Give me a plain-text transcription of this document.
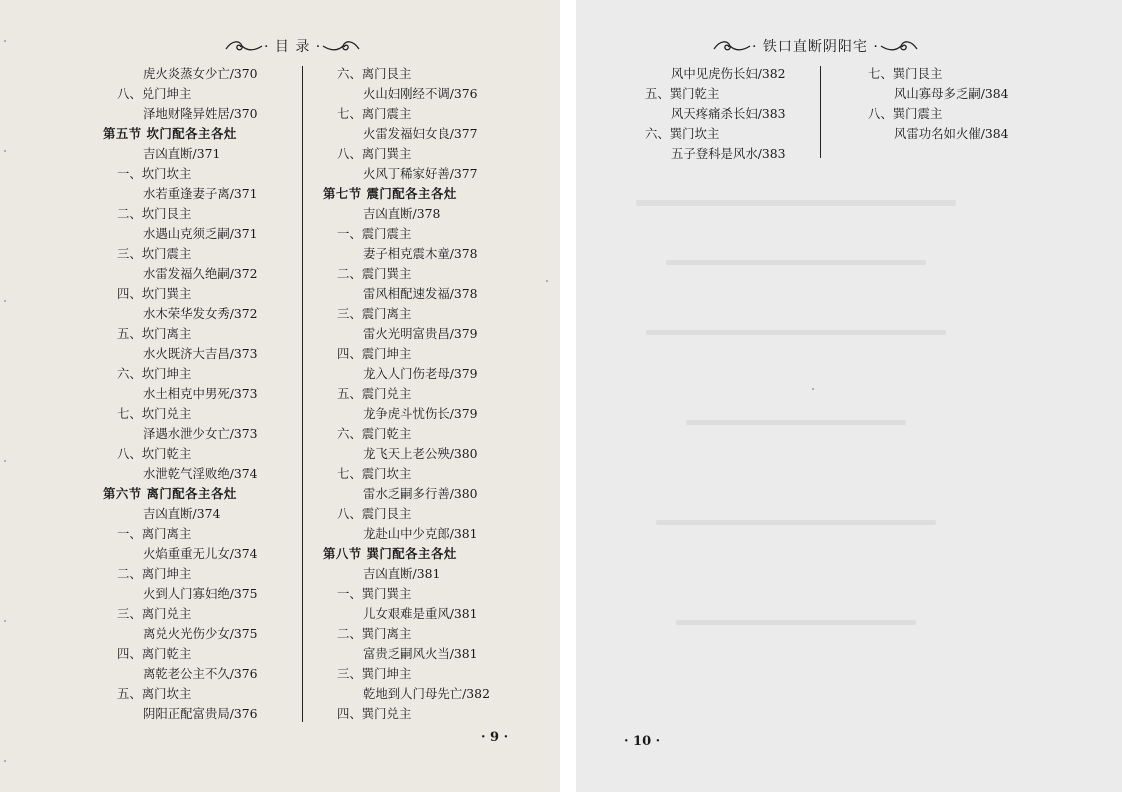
· 目 录 ·
虎火炎蒸女少亡/370
八、兑门坤主
泽地财隆异姓居/370
第五节 坎门配各主各灶
吉凶直断/371
一、坎门坎主
水若重逢妻子离/371
二、坎门艮主
水遇山克须乏嗣/371
三、坎门震主
水雷发福久绝嗣/372
四、坎门巽主
水木荣华发女秀/372
五、坎门离主
水火既济大吉昌/373
六、坎门坤主
水土相克中男死/373
七、坎门兑主
泽遇水泄少女亡/373
八、坎门乾主
水泄乾气淫败绝/374
第六节 离门配各主各灶
吉凶直断/374
一、离门离主
火焰重重无儿女/374
二、离门坤主
火到人门寡妇绝/375
三、离门兑主
离兑火光伤少女/375
四、离门乾主
离乾老公主不久/376
五、离门坎主
阴阳正配富贵局/376
六、离门艮主
火山妇刚经不调/376
七、离门震主
火雷发福妇女良/377
八、离门巽主
火风丁稀家好善/377
第七节 震门配各主各灶
吉凶直断/378
一、震门震主
妻子相克震木童/378
二、震门巽主
雷风相配速发福/378
三、震门离主
雷火光明富贵昌/379
四、震门坤主
龙入人门伤老母/379
五、震门兑主
龙争虎斗忧伤长/379
六、震门乾主
龙飞天上老公殃/380
七、震门坎主
雷水乏嗣多行善/380
八、震门艮主
龙赴山中少克郎/381
第八节 巽门配各主各灶
吉凶直断/381
一、巽门巽主
儿女艰难是重风/381
二、巽门离主
富贵乏嗣风火当/381
三、巽门坤主
乾地到人门母先亡/382
四、巽门兑主
· 9 ·
· 铁口直断阴阳宅 ·
风中见虎伤长妇/382
五、巽门乾主
风天疼痛杀长妇/383
六、巽门坎主
五子登科是风水/383
七、巽门艮主
风山寡母多乏嗣/384
八、巽门震主
风雷功名如火催/384
· 10 ·
